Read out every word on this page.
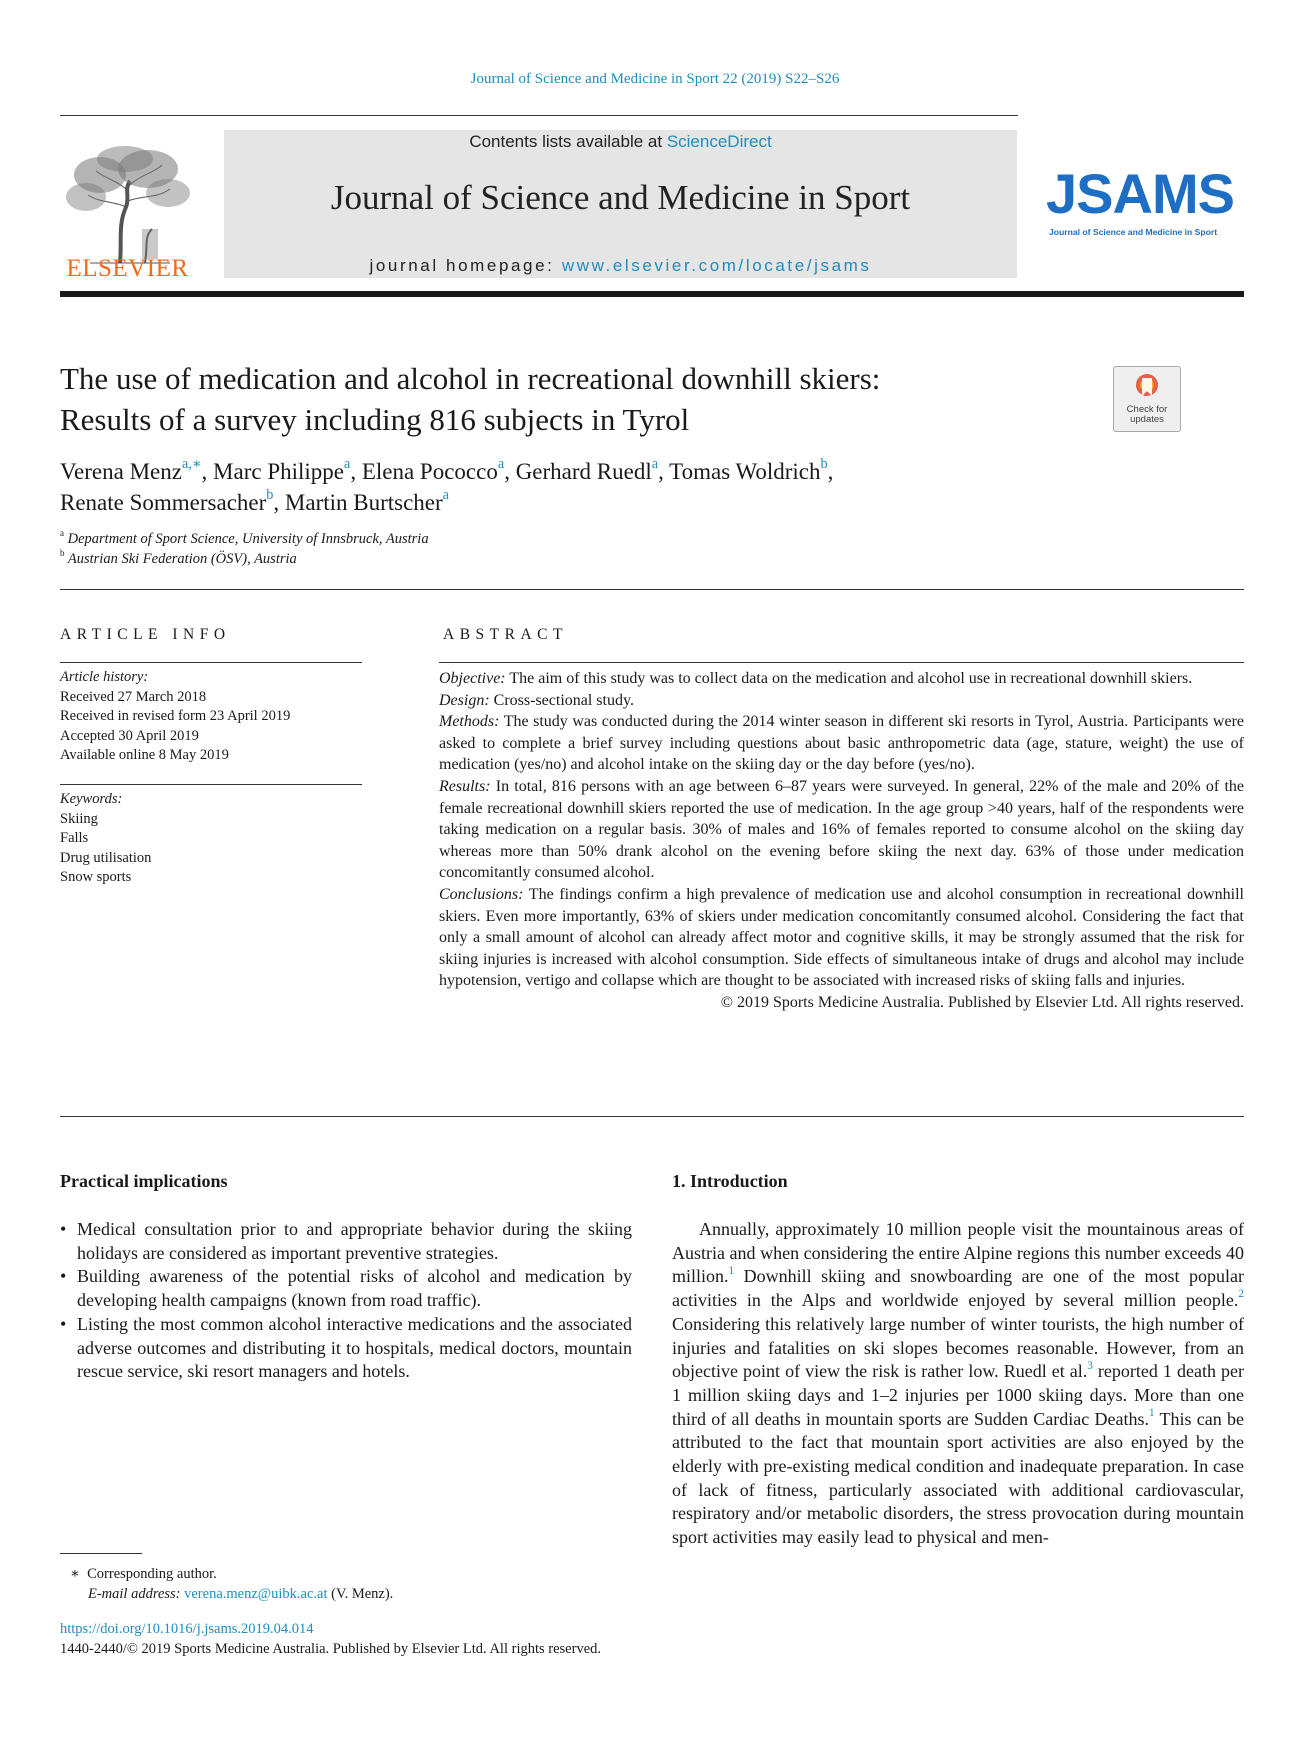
Journal of Science and Medicine in Sport 22 (2019) S22–S26
ELSEVIER
Contents lists available at ScienceDirect
Journal of Science and Medicine in Sport
journal homepage: www.elsevier.com/locate/jsams
JSAMS
Journal of Science and Medicine in Sport
The use of medication and alcohol in recreational downhill skiers:
Results of a survey including 816 subjects in Tyrol	Check for updates
Verena Menz$^{a,∗}$, Marc Philippe$^a$, Elena Pococco$^a$, Gerhard Ruedl$^a$, Tomas Woldrich$^b$,
Renate Sommersacher$^b$, Martin Burtscher$^a$
$^a$ Department of Sport Science, University of Innsbruck, Austria
$^b$ Austrian Ski Federation (ÖSV), Austria
ARTICLE INFO	ABSTRACT
Article history:
Received 27 March 2018
Received in revised form 23 April 2019
Accepted 30 April 2019
Available online 8 May 2019
Keywords:
Skiing
Falls
Drug utilisation
Snow sports

Objective: The aim of this study was to collect data on the medication and alcohol use in recreational downhill skiers.

Design: Cross-sectional study.

Methods: The study was conducted during the 2014 winter season in different ski resorts in Tyrol, Austria. Participants were asked to complete a brief survey including questions about basic anthropometric data (age, stature, weight) the use of medication (yes/no) and alcohol intake on the skiing day or the day before (yes/no).

Results: In total, 816 persons with an age between 6–87 years were surveyed. In general, 22% of the male and 20% of the female recreational downhill skiers reported the use of medication. In the age group >40 years, half of the respondents were taking medication on a regular basis. 30% of males and 16% of females reported to consume alcohol on the skiing day whereas more than 50% drank alcohol on the evening before skiing the next day. 63% of those under medication concomitantly consumed alcohol.

Conclusions: The findings confirm a high prevalence of medication use and alcohol consumption in recreational downhill skiers. Even more importantly, 63% of skiers under medication concomitantly consumed alcohol. Considering the fact that only a small amount of alcohol can already affect motor and cognitive skills, it may be strongly assumed that the risk for skiing injuries is increased with alcohol consumption. Side effects of simultaneous intake of drugs and alcohol may include hypotension, vertigo and collapse which are thought to be associated with increased risks of skiing falls and injuries.

© 2019 Sports Medicine Australia. Published by Elsevier Ltd. All rights reserved.

Practical implications
• Medical consultation prior to and appropriate behavior during the skiing holidays are considered as important preventive strategies.
• Building awareness of the potential risks of alcohol and medication by developing health campaigns (known from road traffic).
• Listing the most common alcohol interactive medications and the associated adverse outcomes and distributing it to hospitals, medical doctors, mountain rescue service, ski resort managers and hotels.
1. Introduction
Annually, approximately 10 million people visit the mountainous areas of Austria and when considering the entire Alpine regions this number exceeds 40 million.$^1$ Downhill skiing and snowboarding are one of the most popular activities in the Alps and worldwide enjoyed by several million people.$^2$ Considering this relatively large number of winter tourists, the high number of injuries and fatalities on ski slopes becomes reasonable. However, from an objective point of view the risk is rather low. Ruedl et al.$^3$ reported 1 death per 1 million skiing days and 1–2 injuries per 1000 skiing days. More than one third of all deaths in mountain sports are Sudden Cardiac Deaths.$^1$ This can be attributed to the fact that mountain sport activities are also enjoyed by the elderly with pre-existing medical condition and inadequate preparation. In case of lack of fitness, particularly associated with additional cardiovascular, respiratory and/or metabolic disorders, the stress provocation during mountain sport activities may easily lead to physical and men-
∗ Corresponding author.
E-mail address: verena.menz@uibk.ac.at (V. Menz).
https://doi.org/10.1016/j.jsams.2019.04.014
1440-2440/© 2019 Sports Medicine Australia. Published by Elsevier Ltd. All rights reserved.
